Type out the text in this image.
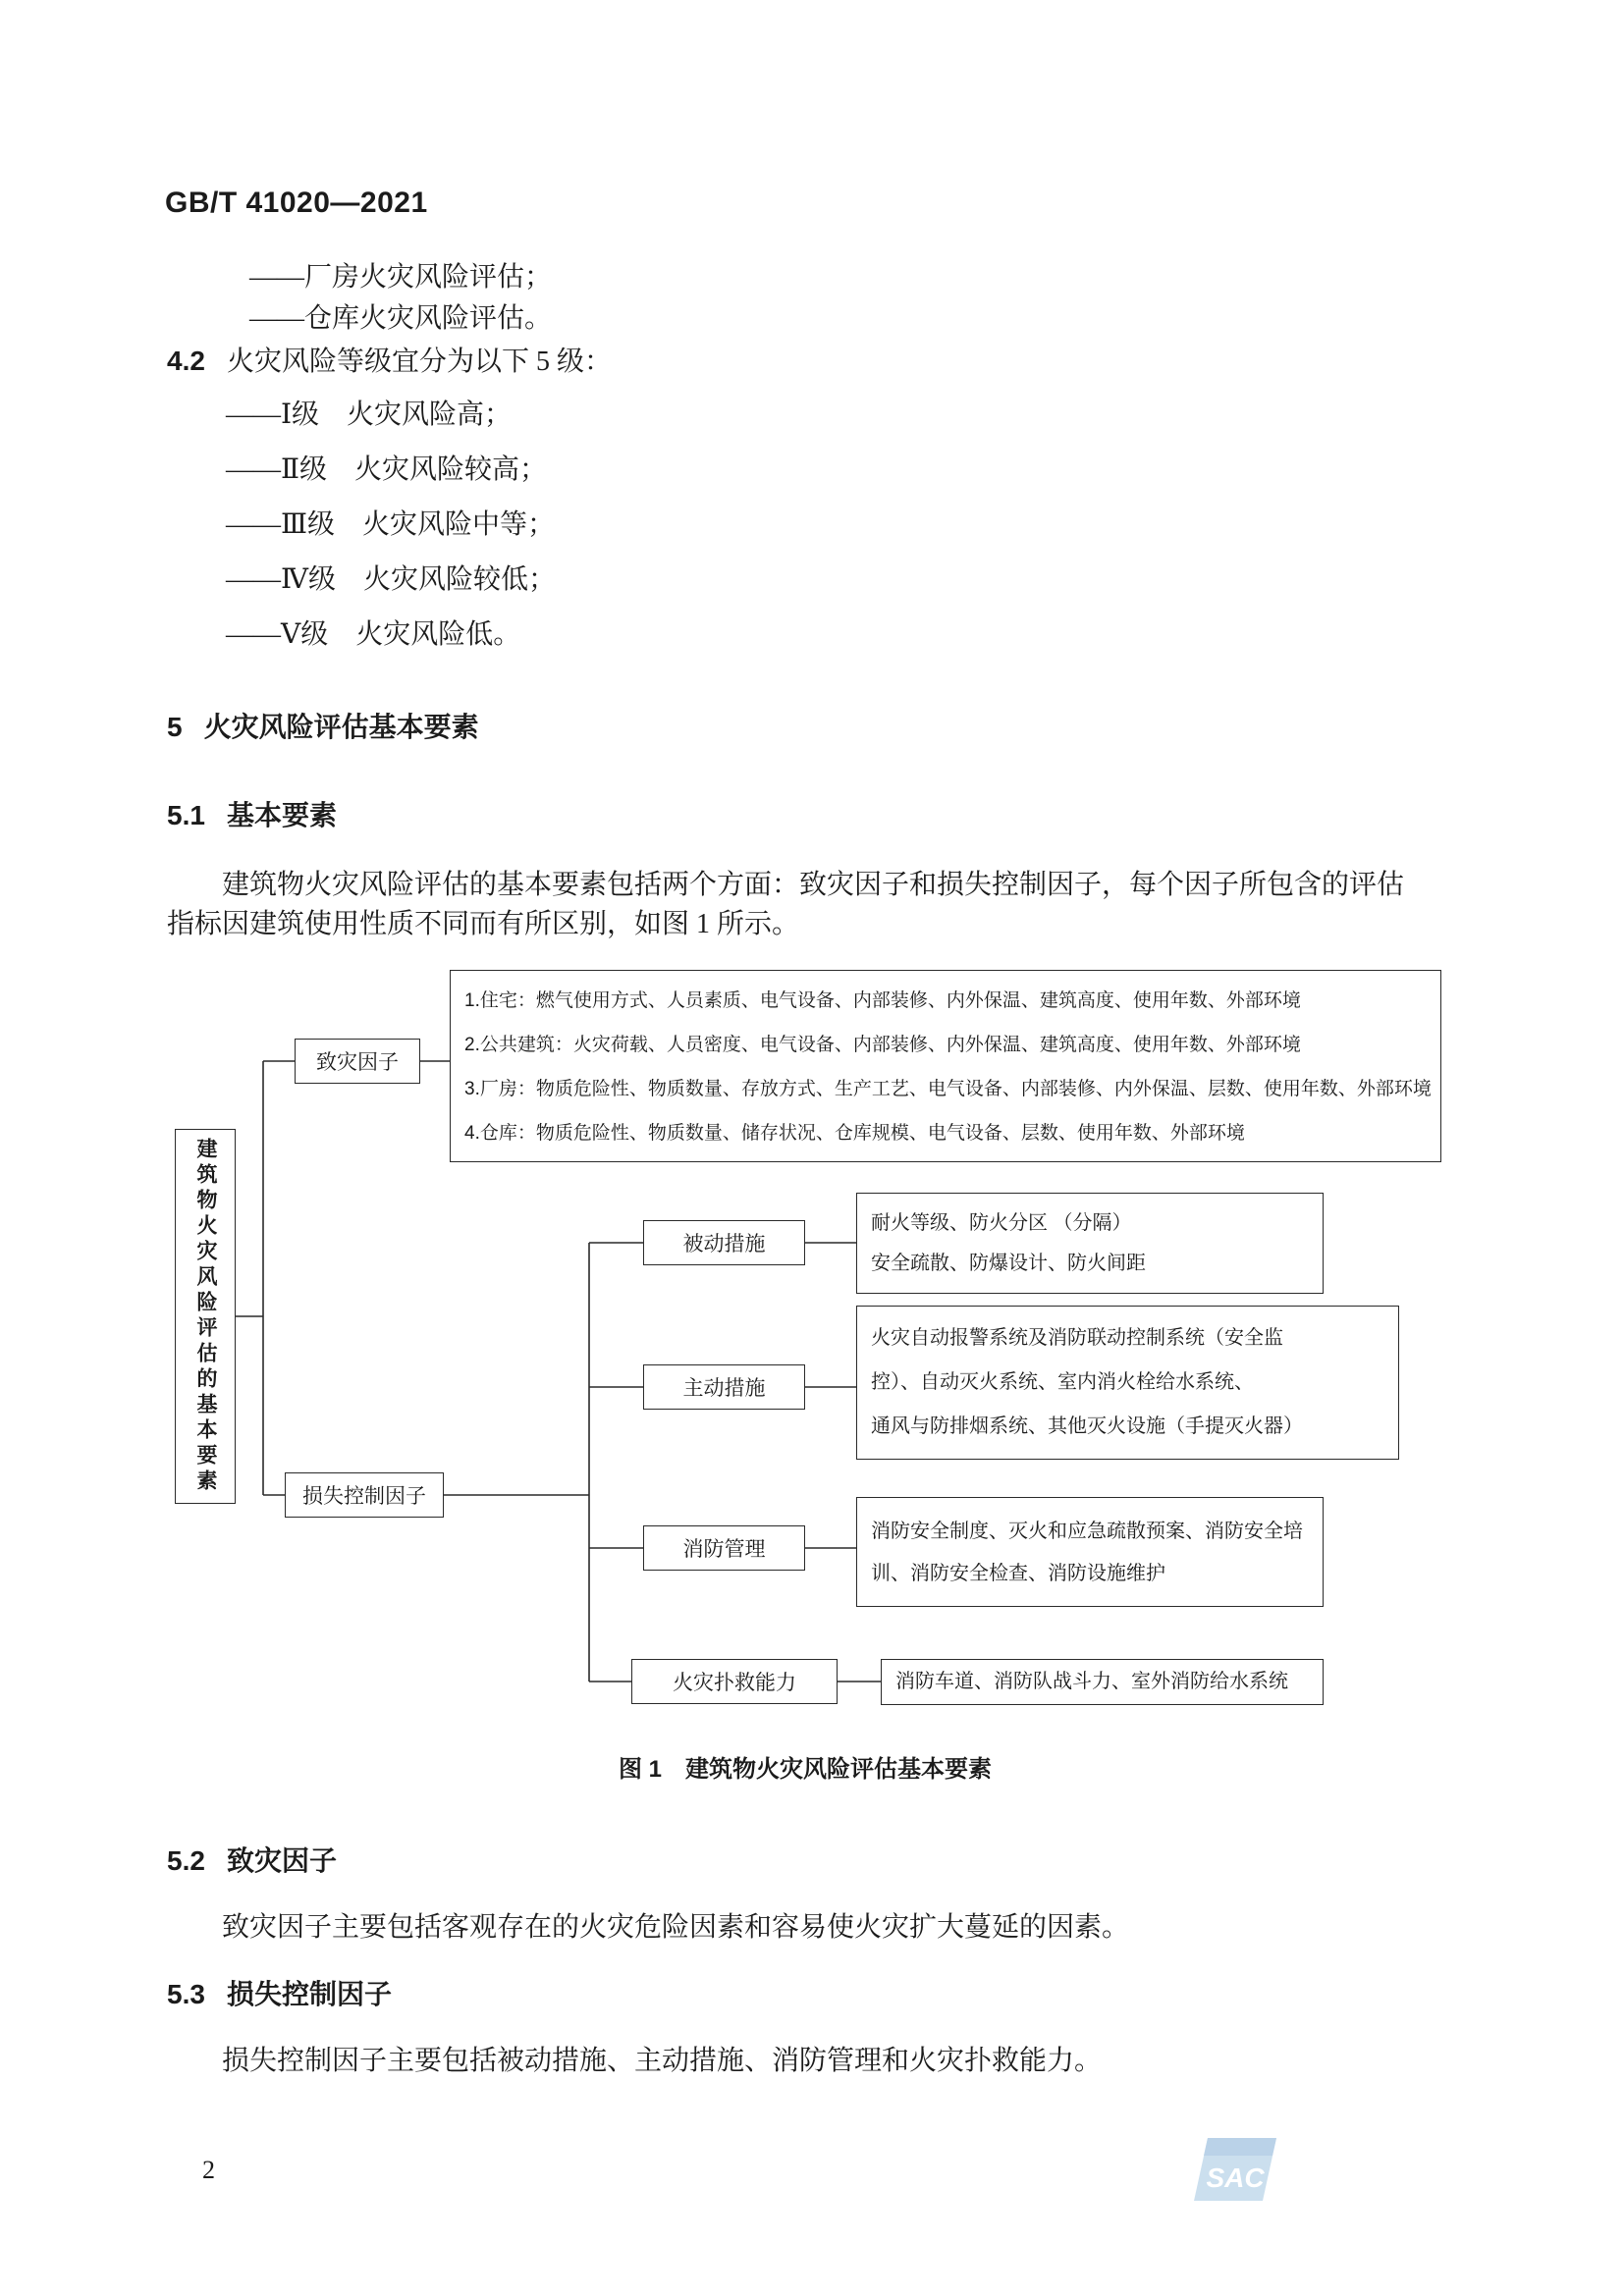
GB/T 41020—2021
——厂房火灾风险评估；
——仓库火灾风险评估。
4.2 火灾风险等级宜分为以下 5 级：
——Ⅰ级　火灾风险高；
——Ⅱ级　火灾风险较高；
——Ⅲ级　火灾风险中等；
——Ⅳ级　火灾风险较低；
——Ⅴ级　火灾风险低。
5 火灾风险评估基本要素
5.1 基本要素
建筑物火灾风险评估的基本要素包括两个方面：致灾因子和损失控制因子，每个因子所包含的评估
指标因建筑使用性质不同而有所区别，如图 1 所示。
建筑物火灾风险评估的基本要素
致灾因子
1.住宅：燃气使用方式、人员素质、电气设备、内部装修、内外保温、建筑高度、使用年数、外部环境
2.公共建筑：火灾荷载、人员密度、电气设备、内部装修、内外保温、建筑高度、使用年数、外部环境
3.厂房：物质危险性、物质数量、存放方式、生产工艺、电气设备、内部装修、内外保温、层数、使用年数、外部环境
4.仓库：物质危险性、物质数量、储存状况、仓库规模、电气设备、层数、使用年数、外部环境
损失控制因子
被动措施
耐火等级、防火分区 （分隔）
安全疏散、防爆设计、防火间距
主动措施
火灾自动报警系统及消防联动控制系统（安全监
控）、自动灭火系统、室内消火栓给水系统、
通风与防排烟系统、其他灭火设施（手提灭火器）
消防管理
消防安全制度、灭火和应急疏散预案、消防安全培
训、消防安全检查、消防设施维护
火灾扑救能力	消防车道、消防队战斗力、室外消防给水系统
图 1　建筑物火灾风险评估基本要素
5.2 致灾因子
致灾因子主要包括客观存在的火灾危险因素和容易使火灾扩大蔓延的因素。
5.3 损失控制因子
损失控制因子主要包括被动措施、主动措施、消防管理和火灾扑救能力。
2	SAC
